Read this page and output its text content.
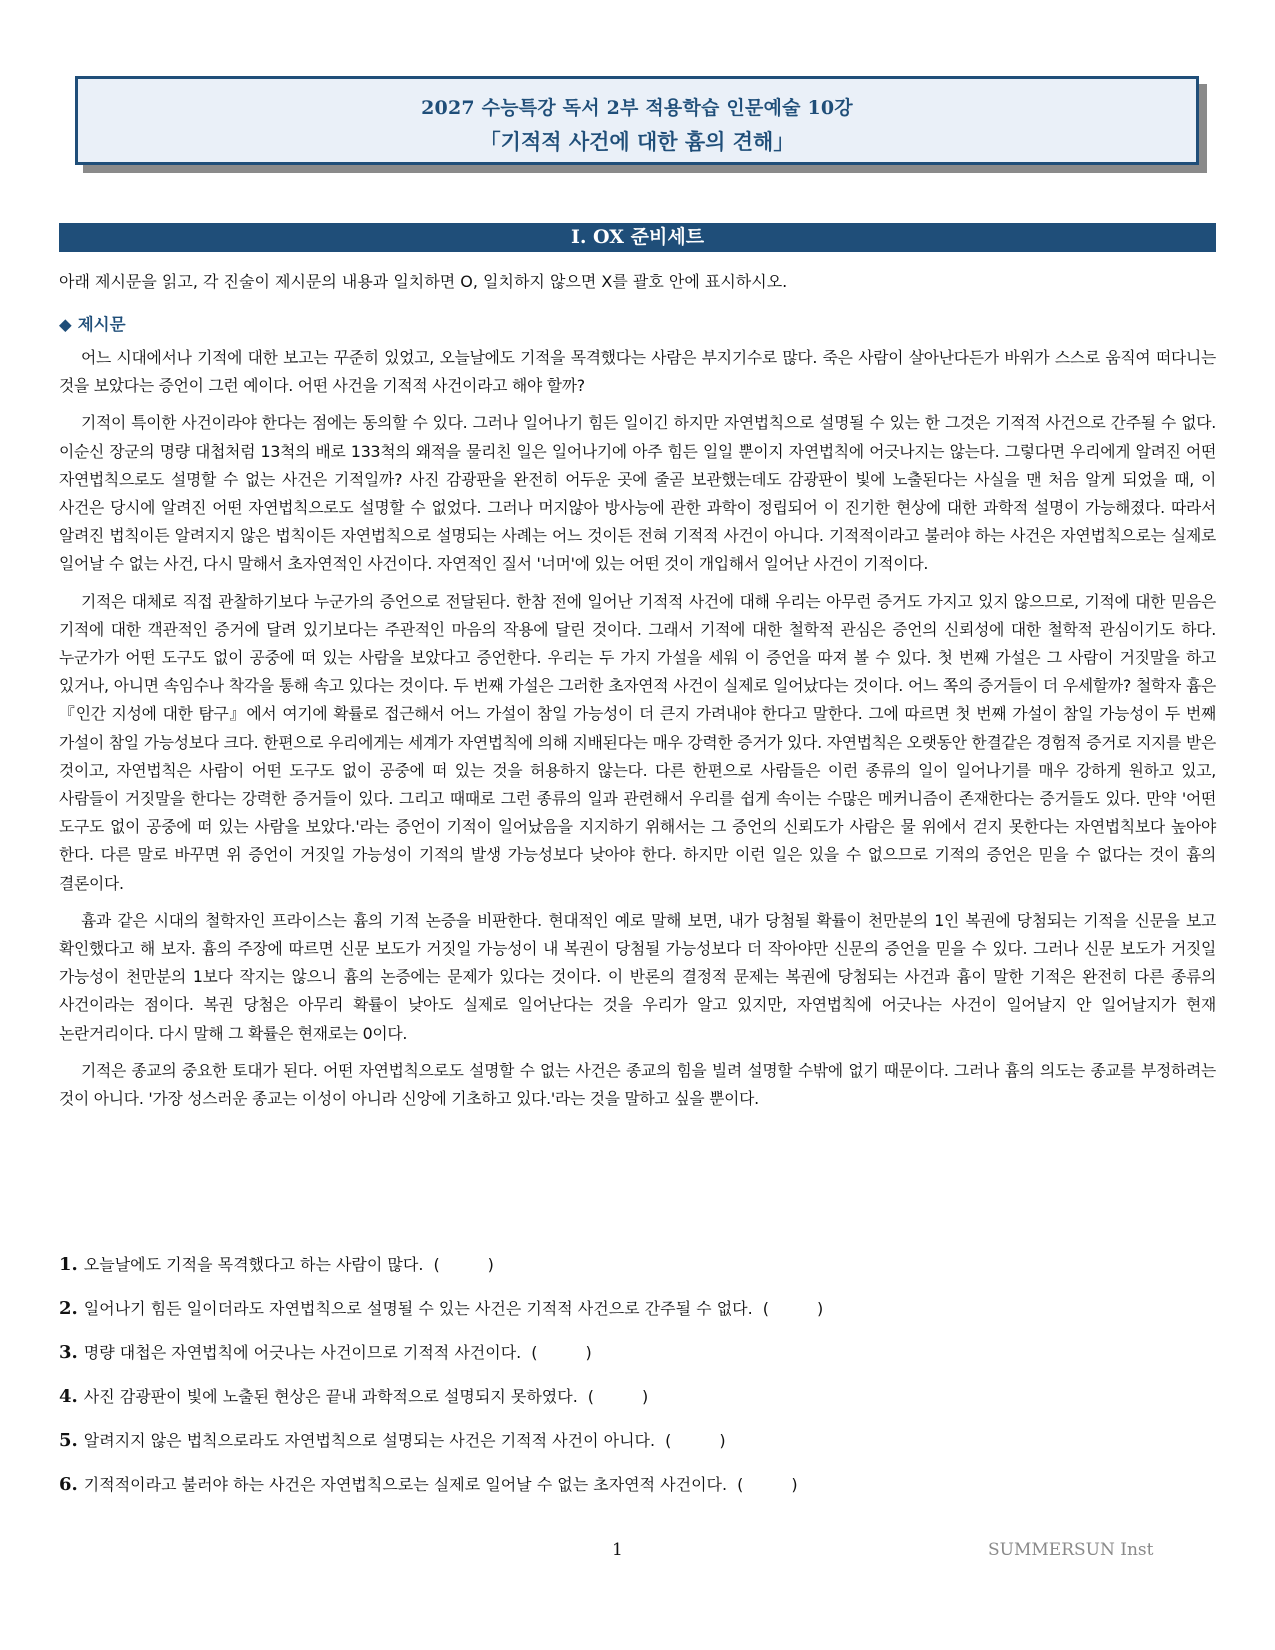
2027 수능특강 독서 2부 적용학습 인문예술 10강
「기적적 사건에 대한 흄의 견해」
I. OX 준비세트
아래 제시문을 읽고, 각 진술이 제시문의 내용과 일치하면 O, 일치하지 않으면 X를 괄호 안에 표시하시오.
◆ 제시문

어느 시대에서나 기적에 대한 보고는 꾸준히 있었고, 오늘날에도 기적을 목격했다는 사람은 부지기수로 많다. 죽은 사람이 살아난다든가 바위가 스스로 움직여 떠다니는 것을 보았다는 증언이 그런 예이다. 어떤 사건을 기적적 사건이라고 해야 할까?

기적이 특이한 사건이라야 한다는 점에는 동의할 수 있다. 그러나 일어나기 힘든 일이긴 하지만 자연법칙으로 설명될 수 있는 한 그것은 기적적 사건으로 간주될 수 없다. 이순신 장군의 명량 대첩처럼 13척의 배로 133척의 왜적을 물리친 일은 일어나기에 아주 힘든 일일 뿐이지 자연법칙에 어긋나지는 않는다. 그렇다면 우리에게 알려진 어떤 자연법칙으로도 설명할 수 없는 사건은 기적일까? 사진 감광판을 완전히 어두운 곳에 줄곧 보관했는데도 감광판이 빛에 노출된다는 사실을 맨 처음 알게 되었을 때, 이 사건은 당시에 알려진 어떤 자연법칙으로도 설명할 수 없었다. 그러나 머지않아 방사능에 관한 과학이 정립되어 이 진기한 현상에 대한 과학적 설명이 가능해졌다. 따라서 알려진 법칙이든 알려지지 않은 법칙이든 자연법칙으로 설명되는 사례는 어느 것이든 전혀 기적적 사건이 아니다. 기적적이라고 불러야 하는 사건은 자연법칙으로는 실제로 일어날 수 없는 사건, 다시 말해서 초자연적인 사건이다. 자연적인 질서 '너머'에 있는 어떤 것이 개입해서 일어난 사건이 기적이다.

기적은 대체로 직접 관찰하기보다 누군가의 증언으로 전달된다. 한참 전에 일어난 기적적 사건에 대해 우리는 아무런 증거도 가지고 있지 않으므로, 기적에 대한 믿음은 기적에 대한 객관적인 증거에 달려 있기보다는 주관적인 마음의 작용에 달린 것이다. 그래서 기적에 대한 철학적 관심은 증언의 신뢰성에 대한 철학적 관심이기도 하다. 누군가가 어떤 도구도 없이 공중에 떠 있는 사람을 보았다고 증언한다. 우리는 두 가지 가설을 세워 이 증언을 따져 볼 수 있다. 첫 번째 가설은 그 사람이 거짓말을 하고 있거나, 아니면 속임수나 착각을 통해 속고 있다는 것이다. 두 번째 가설은 그러한 초자연적 사건이 실제로 일어났다는 것이다. 어느 쪽의 증거들이 더 우세할까? 철학자 흄은 『인간 지성에 대한 탐구』에서 여기에 확률로 접근해서 어느 가설이 참일 가능성이 더 큰지 가려내야 한다고 말한다. 그에 따르면 첫 번째 가설이 참일 가능성이 두 번째 가설이 참일 가능성보다 크다. 한편으로 우리에게는 세계가 자연법칙에 의해 지배된다는 매우 강력한 증거가 있다. 자연법칙은 오랫동안 한결같은 경험적 증거로 지지를 받은 것이고, 자연법칙은 사람이 어떤 도구도 없이 공중에 떠 있는 것을 허용하지 않는다. 다른 한편으로 사람들은 이런 종류의 일이 일어나기를 매우 강하게 원하고 있고, 사람들이 거짓말을 한다는 강력한 증거들이 있다. 그리고 때때로 그런 종류의 일과 관련해서 우리를 쉽게 속이는 수많은 메커니즘이 존재한다는 증거들도 있다. 만약 '어떤 도구도 없이 공중에 떠 있는 사람을 보았다.'라는 증언이 기적이 일어났음을 지지하기 위해서는 그 증언의 신뢰도가 사람은 물 위에서 걷지 못한다는 자연법칙보다 높아야 한다. 다른 말로 바꾸면 위 증언이 거짓일 가능성이 기적의 발생 가능성보다 낮아야 한다. 하지만 이런 일은 있을 수 없으므로 기적의 증언은 믿을 수 없다는 것이 흄의 결론이다.

흄과 같은 시대의 철학자인 프라이스는 흄의 기적 논증을 비판한다. 현대적인 예로 말해 보면, 내가 당첨될 확률이 천만분의 1인 복권에 당첨되는 기적을 신문을 보고 확인했다고 해 보자. 흄의 주장에 따르면 신문 보도가 거짓일 가능성이 내 복권이 당첨될 가능성보다 더 작아야만 신문의 증언을 믿을 수 있다. 그러나 신문 보도가 거짓일 가능성이 천만분의 1보다 작지는 않으니 흄의 논증에는 문제가 있다는 것이다. 이 반론의 결정적 문제는 복권에 당첨되는 사건과 흄이 말한 기적은 완전히 다른 종류의 사건이라는 점이다. 복권 당첨은 아무리 확률이 낮아도 실제로 일어난다는 것을 우리가 알고 있지만, 자연법칙에 어긋나는 사건이 일어날지 안 일어날지가 현재 논란거리이다. 다시 말해 그 확률은 현재로는 0이다.

기적은 종교의 중요한 토대가 된다. 어떤 자연법칙으로도 설명할 수 없는 사건은 종교의 힘을 빌려 설명할 수밖에 없기 때문이다. 그러나 흄의 의도는 종교를 부정하려는 것이 아니다. '가장 성스러운 종교는 이성이 아니라 신앙에 기초하고 있다.'라는 것을 말하고 싶을 뿐이다.

1. 오늘날에도 기적을 목격했다고 하는 사람이 많다. (　　　)
2. 일어나기 힘든 일이더라도 자연법칙으로 설명될 수 있는 사건은 기적적 사건으로 간주될 수 없다. (　　　)
3. 명량 대첩은 자연법칙에 어긋나는 사건이므로 기적적 사건이다. (　　　)
4. 사진 감광판이 빛에 노출된 현상은 끝내 과학적으로 설명되지 못하였다. (　　　)
5. 알려지지 않은 법칙으로라도 자연법칙으로 설명되는 사건은 기적적 사건이 아니다. (　　　)
6. 기적적이라고 불러야 하는 사건은 자연법칙으로는 실제로 일어날 수 없는 초자연적 사건이다. (　　　)
1	SUMMERSUN Inst
